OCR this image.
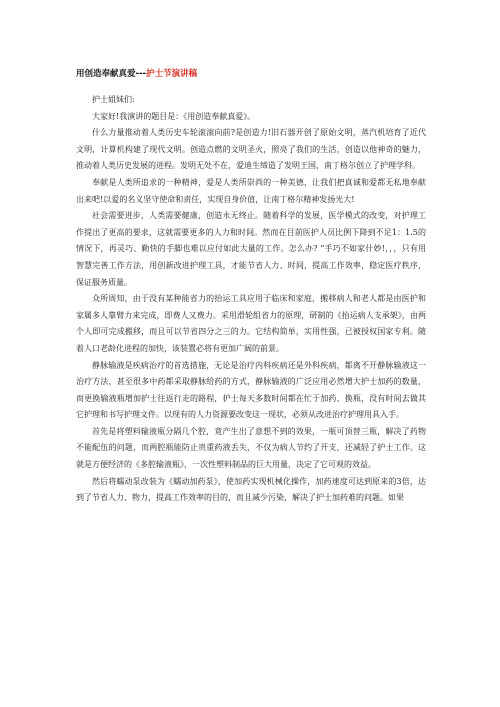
用创造奉献真爱---护士节演讲稿

护士姐妹们:

大家好!我演讲的题目是：《用创造奉献真爱》。

什么力量推动着人类历史车轮滚滚向前?是创造力!旧石器开创了原始文明，蒸汽机培育了近代文明，计算机构建了现代文明。创造点燃的文明圣火，照亮了我们的生活，创造以他神奇的魅力，推动着人类历史发展的进程。发明无处不在，爱迪生缔造了发明王国，南丁格尔创立了护理学科。

奉献是人类所追求的一种精神，爱是人类所崇尚的一种美德，让我们把真诚和爱都无私地奉献出来吧!以爱的名义坚守使命和责任，实现自身价值，让南丁格尔精神发扬光大!

社会需要进步，人类需要健康，创造永无终止。随着科学的发展，医学模式的改变，对护理工作提出了更高的要求，这就需要更多的人力和时间。然而在目前医护人员比例下降到不足1：1.5的情况下，再灵巧、勤快的手脚也难以应付如此大量的工作。怎么办? “手巧不如家什妙!，，，只有用智慧完善工作方法，用创新改进护理工具，才能节省人力、时间，提高工作效率，稳定医疗秩序，保证服务质量。

众所周知，由于没有某种能省力的抬运工具应用于临床和家庭，搬移病人和老人都是由医护和家属多人靠臂力来完成，即费人又费力。采用滑轮组省力的原理，研制的《抬运病人支承架》，由两个人即可完成搬移，而且可以节省四分之三的力。它结构简单，实用性强，已被授权国家专利。随着人口老龄化进程的加快，该装置必将有更加广阔的前景。

静脉输液是疾病治疗的首选措施，无论是治疗内科疾病还是外科疾病，都离不开静脉输液这一治疗方法，甚至很多中药都采取静脉给药的方式，静脉输液的广泛应用必然增大护士加药的数量，而更换输液瓶增加护士往返行走的路程，护士每天多数时间都在忙于加药、换瓶，没有时间去做其它护理和书写护理文件。以现有的人力资源要改变这一现状，必须从改进治疗护理用具入手。

首先是将塑料输液瓶分隔几个腔，竟产生出了意想不到的效果，一瓶可顶替三瓶，解决了药物不能配伍的问题，而两腔瓶能防止贵重药液丢失，不仅为病人节约了开支，还减轻了护士工作。这就是方便经济的《多腔输液瓶》，一次性塑料制品的巨大用量，决定了它可观的效益。

然后将蠕动泵改装为《蠕动加药泵》，使加药实现机械化操作，加药速度可达到原来的3倍，达到了节省人力、物力，提高工作效率的目的，而且减少污染，解决了护士加药难的问题。如果
